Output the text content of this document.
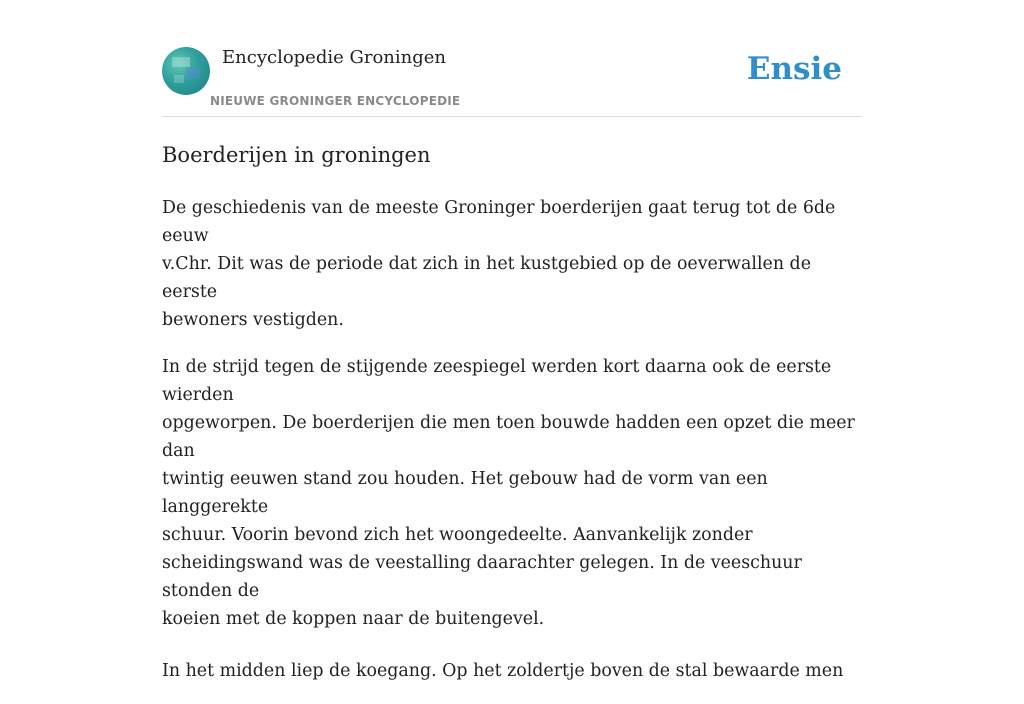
Encyclopedie Groningen
NIEUWE GRONINGER ENCYCLOPEDIE
Ensie
Boerderijen in groningen

De geschiedenis van de meeste Groninger boerderijen gaat terug tot de 6de eeuw
v.Chr. Dit was de periode dat zich in het kustgebied op de oeverwallen de eerste
bewoners vestigden.

In de strijd tegen de stijgende zeespiegel werden kort daarna ook de eerste wierden
opgeworpen. De boerderijen die men toen bouwde hadden een opzet die meer dan
twintig eeuwen stand zou houden. Het gebouw had de vorm van een langgerekte
schuur. Voorin bevond zich het woongedeelte. Aanvankelijk zonder
scheidingswand was de veestalling daarachter gelegen. In de veeschuur stonden de
koeien met de koppen naar de buitengevel.

In het midden liep de koegang. Op het zoldertje boven de stal bewaarde men
